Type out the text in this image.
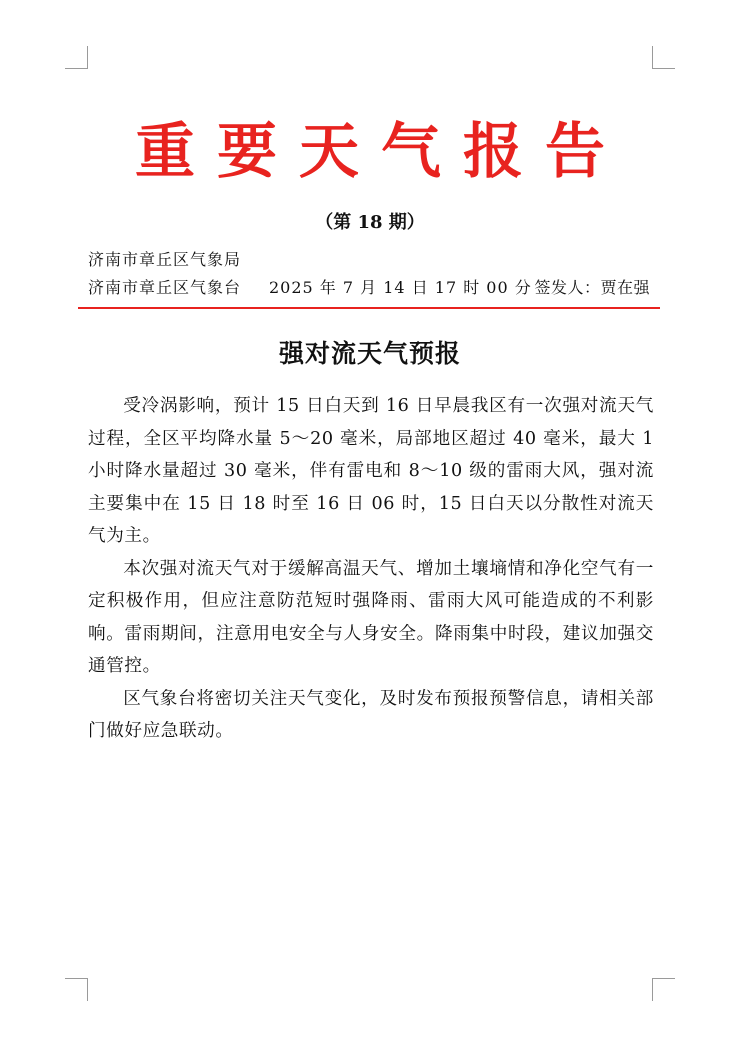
重要天气报告
（第 18 期）
济南市章丘区气象局
济南市章丘区气象台 2025 年 7 月 14 日 17 时 00 分 签发人：贾在强
强对流天气预报

受冷涡影响，预计 15 日白天到 16 日早晨我区有一次强对流天气过程，全区平均降水量 5～20 毫米，局部地区超过 40 毫米，最大 1 小时降水量超过 30 毫米，伴有雷电和 8～10 级的雷雨大风，强对流主要集中在 15 日 18 时至 16 日 06 时，15 日白天以分散性对流天气为主。

本次强对流天气对于缓解高温天气、增加土壤墒情和净化空气有一定积极作用，但应注意防范短时强降雨、雷雨大风可能造成的不利影响。雷雨期间，注意用电安全与人身安全。降雨集中时段，建议加强交通管控。

区气象台将密切关注天气变化，及时发布预报预警信息，请相关部门做好应急联动。
